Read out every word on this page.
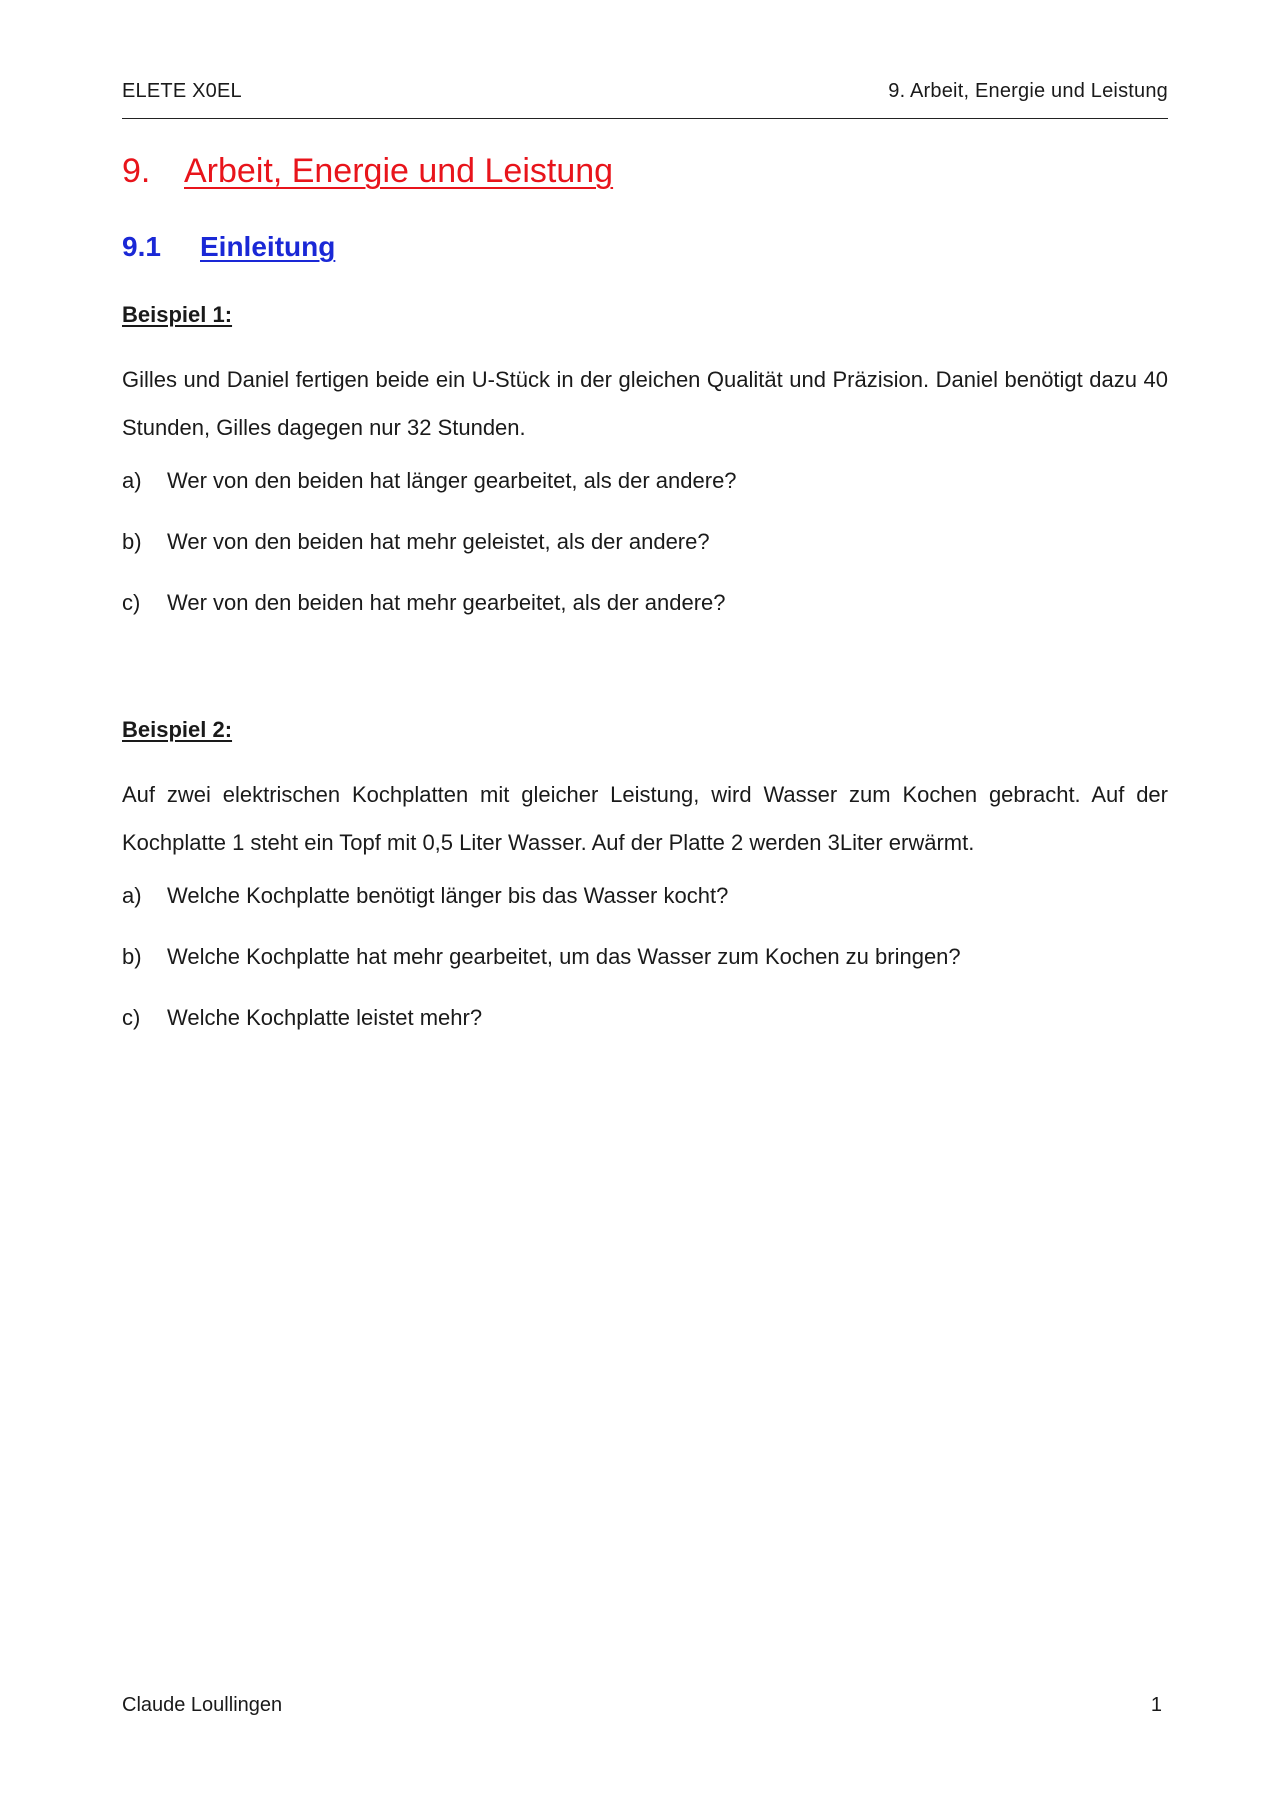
ELETE X0EL	9. Arbeit, Energie und Leistung
9. Arbeit, Energie und Leistung
9.1 Einleitung

Beispiel 1:

Gilles und Daniel fertigen beide ein U-Stück in der gleichen Qualität und Präzision. Daniel benötigt dazu 40 Stunden, Gilles dagegen nur 32 Stunden.

a)	Wer von den beiden hat länger gearbeitet, als der andere?
b)	Wer von den beiden hat mehr geleistet, als der andere?
c)	Wer von den beiden hat mehr gearbeitet, als der andere?

Beispiel 2:

Auf zwei elektrischen Kochplatten mit gleicher Leistung, wird Wasser zum Kochen gebracht. Auf der Kochplatte 1 steht ein Topf mit 0,5 Liter Wasser. Auf der Platte 2 werden 3Liter erwärmt.

a)	Welche Kochplatte benötigt länger bis das Wasser kocht?
b)	Welche Kochplatte hat mehr gearbeitet, um das Wasser zum Kochen zu bringen?
c)	Welche Kochplatte leistet mehr?
Claude Loullingen	1
